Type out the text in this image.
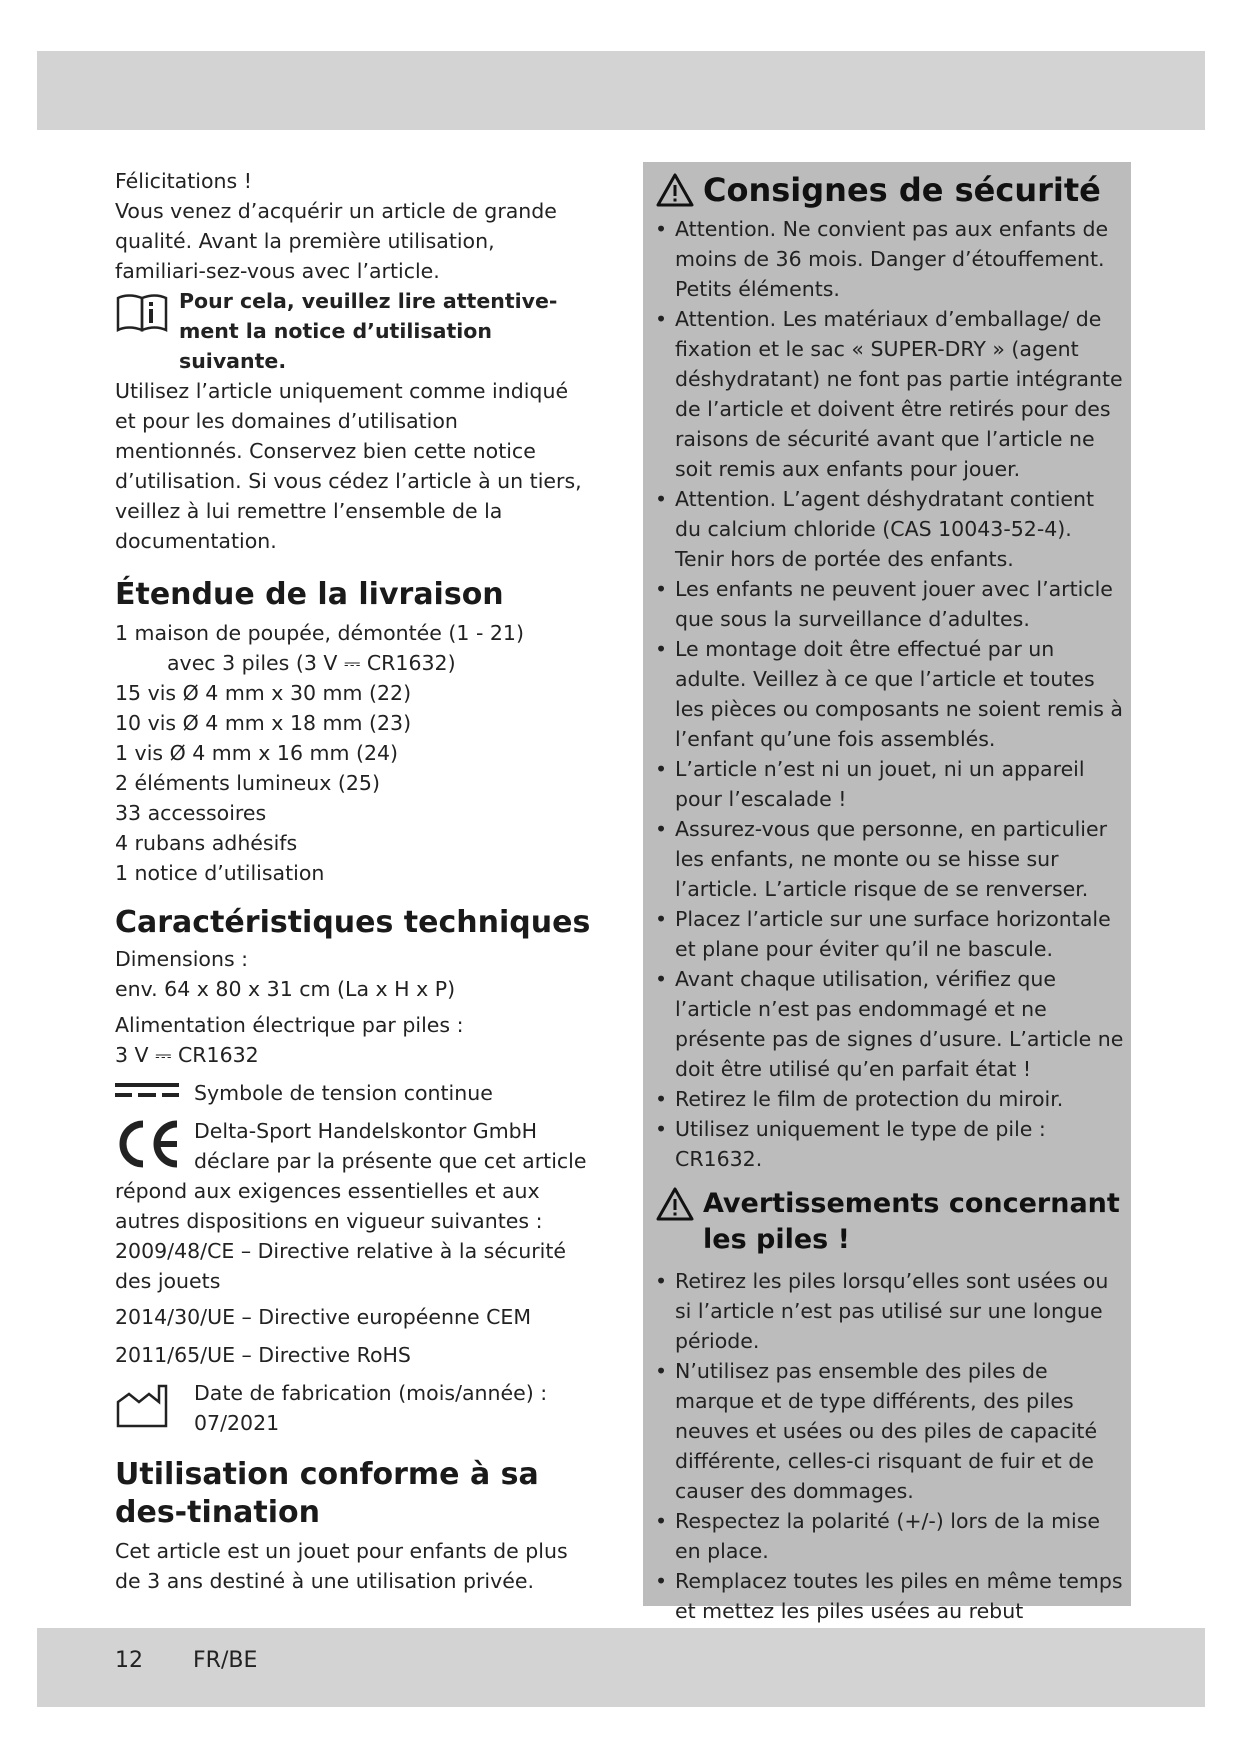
Félicitations !

Vous venez d’acquérir un article de grande qualité. Avant la première utilisation, familiari-sez-vous avec l’article.

Pour cela, veuillez lire attentive-ment la notice d’utilisation suivante.

Utilisez l’article uniquement comme indiqué et pour les domaines d’utilisation mentionnés. Conservez bien cette notice d’utilisation. Si vous cédez l’article à un tiers, veillez à lui remettre l’ensemble de la documentation.

Étendue de la livraison
1 maison de poupée, démontée (1 - 21)
avec 3 piles (3 V ⎓ CR1632)
15 vis Ø 4 mm x 30 mm (22)
10 vis Ø 4 mm x 18 mm (23)
1 vis Ø 4 mm x 16 mm (24)
2 éléments lumineux (25)
33 accessoires
4 rubans adhésifs
1 notice d’utilisation
Caractéristiques techniques

Dimensions :

env. 64 x 80 x 31 cm (La x H x P)

Alimentation électrique par piles :

3 V ⎓ CR1632

Symbole de tension continue
Delta-Sport Handelskontor GmbH
déclare par la présente que cet article

répond aux exigences essentielles et aux autres dispositions en vigueur suivantes :

2009/48/CE – Directive relative à la sécurité des jouets

2014/30/UE – Directive européenne CEM

2011/65/UE – Directive RoHS

Date de fabrication (mois/année) :
07/2021
Utilisation conforme à sa des-tination

Cet article est un jouet pour enfants de plus de 3 ans destiné à une utilisation privée.

Consignes de sécurité
• Attention. Ne convient pas aux enfants de moins de 36 mois. Danger d’étouffement. Petits éléments.
• Attention. Les matériaux d’emballage/ de fixation et le sac « SUPER-DRY » (agent déshydratant) ne font pas partie intégrante de l’article et doivent être retirés pour des raisons de sécurité avant que l’article ne soit remis aux enfants pour jouer.
• Attention. L’agent déshydratant contient du calcium chloride (CAS 10043-52-4). Tenir hors de portée des enfants.
• Les enfants ne peuvent jouer avec l’article que sous la surveillance d’adultes.
• Le montage doit être effectué par un adulte. Veillez à ce que l’article et toutes les pièces ou composants ne soient remis à l’enfant qu’une fois assemblés.
• L’article n’est ni un jouet, ni un appareil pour l’escalade !
• Assurez-vous que personne, en particulier les enfants, ne monte ou se hisse sur l’article. L’article risque de se renverser.
• Placez l’article sur une surface horizontale et plane pour éviter qu’il ne bascule.
• Avant chaque utilisation, vérifiez que l’article n’est pas endommagé et ne présente pas de signes d’usure. L’article ne doit être utilisé qu’en parfait état !
• Retirez le film de protection du miroir.
• Utilisez uniquement le type de pile : CR1632.
Avertissements concernant
les piles !
• Retirez les piles lorsqu’elles sont usées ou si l’article n’est pas utilisé sur une longue période.
• N’utilisez pas ensemble des piles de marque et de type différents, des piles neuves et usées ou des piles de capacité différente, celles-ci risquant de fuir et de causer des dommages.
• Respectez la polarité (+/-) lors de la mise en place.
• Remplacez toutes les piles en même temps et mettez les piles usées au rebut
12 FR/BE
